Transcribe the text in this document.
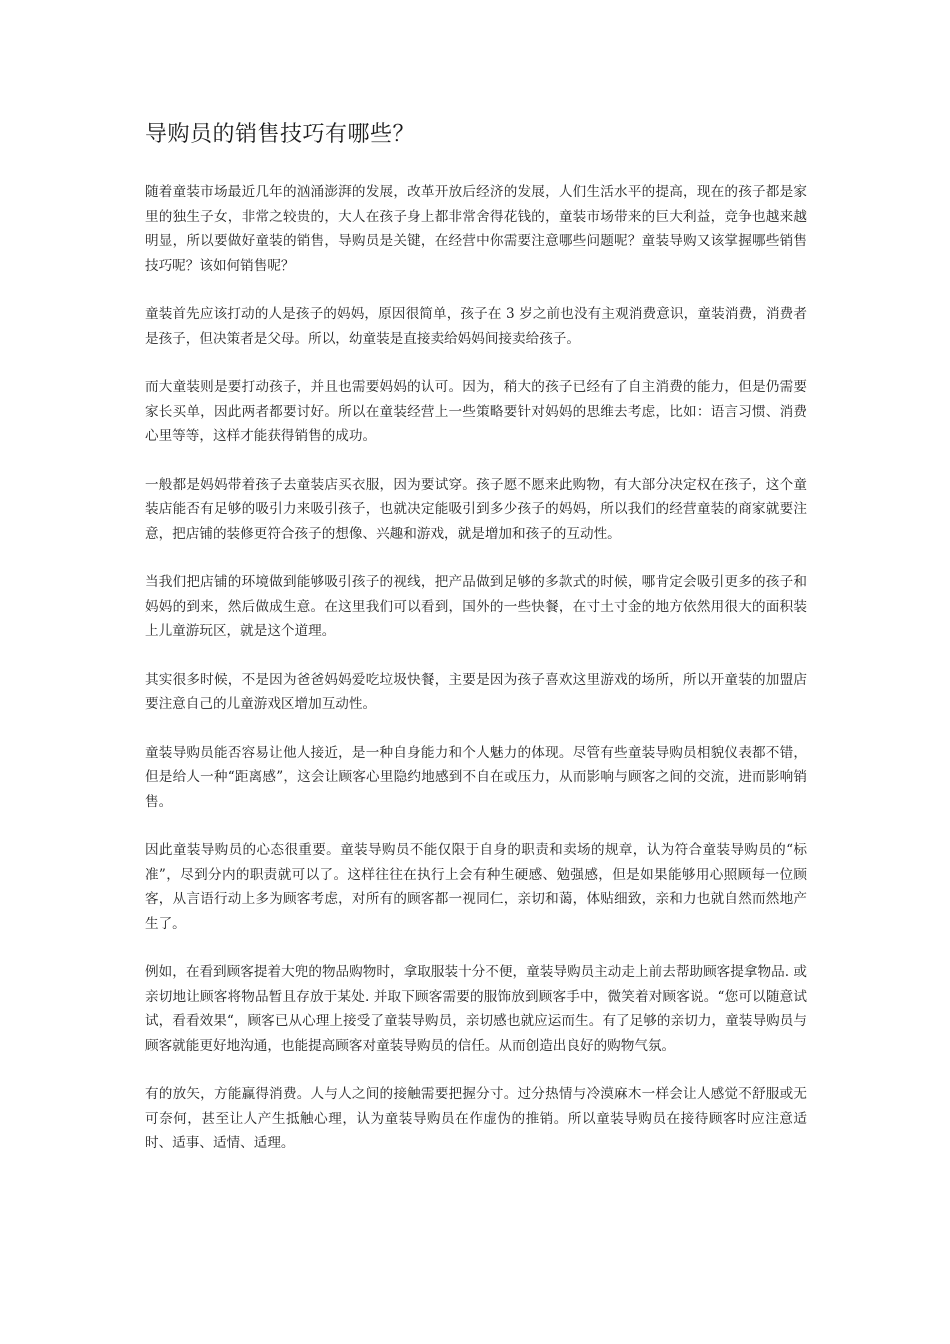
导购员的销售技巧有哪些？

随着童装市场最近几年的汹涌澎湃的发展，改革开放后经济的发展，人们生活水平的提高，现在的孩子都是家里的独生子女，非常之较贵的，大人在孩子身上都非常舍得花钱的，童装市场带来的巨大利益，竞争也越来越明显，所以要做好童装的销售，导购员是关键，在经营中你需要注意哪些问题呢？童装导购又该掌握哪些销售技巧呢？该如何销售呢？

童装首先应该打动的人是孩子的妈妈，原因很简单，孩子在 3 岁之前也没有主观消费意识，童装消费，消费者是孩子，但决策者是父母。所以，幼童装是直接卖给妈妈间接卖给孩子。

而大童装则是要打动孩子，并且也需要妈妈的认可。因为，稍大的孩子已经有了自主消费的能力，但是仍需要家长买单，因此两者都要讨好。所以在童装经营上一些策略要针对妈妈的思维去考虑，比如：语言习惯、消费心里等等，这样才能获得销售的成功。

一般都是妈妈带着孩子去童装店买衣服，因为要试穿。孩子愿不愿来此购物，有大部分决定权在孩子，这个童装店能否有足够的吸引力来吸引孩子，也就决定能吸引到多少孩子的妈妈，所以我们的经营童装的商家就要注意，把店铺的装修更符合孩子的想像、兴趣和游戏，就是增加和孩子的互动性。

当我们把店铺的环境做到能够吸引孩子的视线，把产品做到足够的多款式的时候，哪肯定会吸引更多的孩子和妈妈的到来，然后做成生意。在这里我们可以看到，国外的一些快餐，在寸土寸金的地方依然用很大的面积装上儿童游玩区，就是这个道理。

其实很多时候，不是因为爸爸妈妈爱吃垃圾快餐，主要是因为孩子喜欢这里游戏的场所，所以开童装的加盟店要注意自己的儿童游戏区增加互动性。

童装导购员能否容易让他人接近，是一种自身能力和个人魅力的体现。尽管有些童装导购员相貌仪表都不错，但是给人一种“距离感”，这会让顾客心里隐约地感到不自在或压力，从而影响与顾客之间的交流，进而影响销售。

因此童装导购员的心态很重要。童装导购员不能仅限于自身的职责和卖场的规章，认为符合童装导购员的“标准”，尽到分内的职责就可以了。这样往往在执行上会有种生硬感、勉强感，但是如果能够用心照顾每一位顾客，从言语行动上多为顾客考虑，对所有的顾客都一视同仁，亲切和蔼，体贴细致，亲和力也就自然而然地产生了。

例如，在看到顾客提着大兜的物品购物时，拿取服装十分不便，童装导购员主动走上前去帮助顾客提拿物品. 或亲切地让顾客将物品暂且存放于某处. 并取下顾客需要的服饰放到顾客手中，微笑着对顾客说。“您可以随意试试，看看效果“，顾客已从心理上接受了童装导购员，亲切感也就应运而生。有了足够的亲切力，童装导购员与顾客就能更好地沟通，也能提高顾客对童装导购员的信任。从而创造出良好的购物气氛。

有的放矢，方能赢得消费。人与人之间的接触需要把握分寸。过分热情与冷漠麻木一样会让人感觉不舒服或无可奈何，甚至让人产生抵触心理，认为童装导购员在作虚伪的推销。所以童装导购员在接待顾客时应注意适时、适事、适情、适理。
